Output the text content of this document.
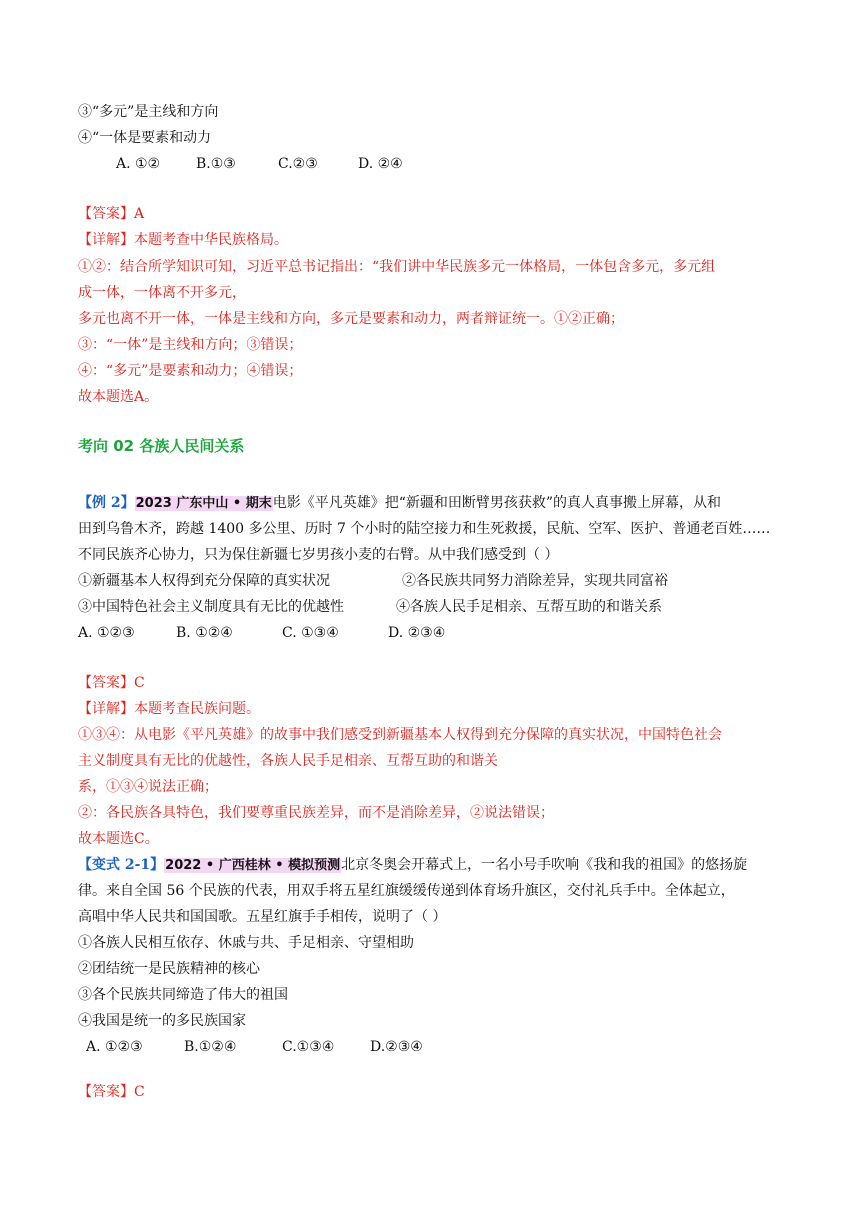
③“多元”是主线和方向
④“一体是要素和动力
A. ①②	B.①③	C.②③	D. ②④
【答案】A
【详解】本题考查中华民族格局。
①②：结合所学知识可知，习近平总书记指出：“我们讲中华民族多元一体格局，一体包含多元，多元组
成一体，一体离不开多元，
多元也离不开一体，一体是主线和方向，多元是要素和动力，两者辩证统一。①②正确；
③：“一体”是主线和方向；③错误；
④：“多元”是要素和动力；④错误；
故本题选A。
考向 02 各族人民间关系
【例 2】2023 广东中山 • 期末电影《平凡英雄》把“新疆和田断臂男孩获救”的真人真事搬上屏幕，从和
田到乌鲁木齐，跨越 1400 多公里、历时 7 个小时的陆空接力和生死救援，民航、空军、医护、普通老百姓……
不同民族齐心协力，只为保住新疆七岁男孩小麦的右臂。从中我们感受到（ ）
①新疆基本人权得到充分保障的真实状况	②各民族共同努力消除差异，实现共同富裕
③中国特色社会主义制度具有无比的优越性	④各族人民手足相亲、互帮互助的和谐关系
A. ①②③	B. ①②④	C. ①③④	D. ②③④
【答案】C
【详解】本题考查民族问题。
①③④：从电影《平凡英雄》的故事中我们感受到新疆基本人权得到充分保障的真实状况，中国特色社会
主义制度具有无比的优越性，各族人民手足相亲、互帮互助的和谐关
系，①③④说法正确；
②：各民族各具特色，我们要尊重民族差异，而不是消除差异，②说法错误；
故本题选C。
【变式 2-1】2022 • 广西桂林 • 模拟预测北京冬奥会开幕式上，一名小号手吹响《我和我的祖国》的悠扬旋
律。来自全国 56 个民族的代表，用双手将五星红旗缓缓传递到体育场升旗区，交付礼兵手中。全体起立，
高唱中华人民共和国国歌。五星红旗手手相传，说明了（ ）
①各族人民相互依存、休戚与共、手足相亲、守望相助
②团结统一是民族精神的核心
③各个民族共同缔造了伟大的祖国
④我国是统一的多民族国家
A. ①②③	B.①②④	C.①③④	D.②③④
【答案】C
